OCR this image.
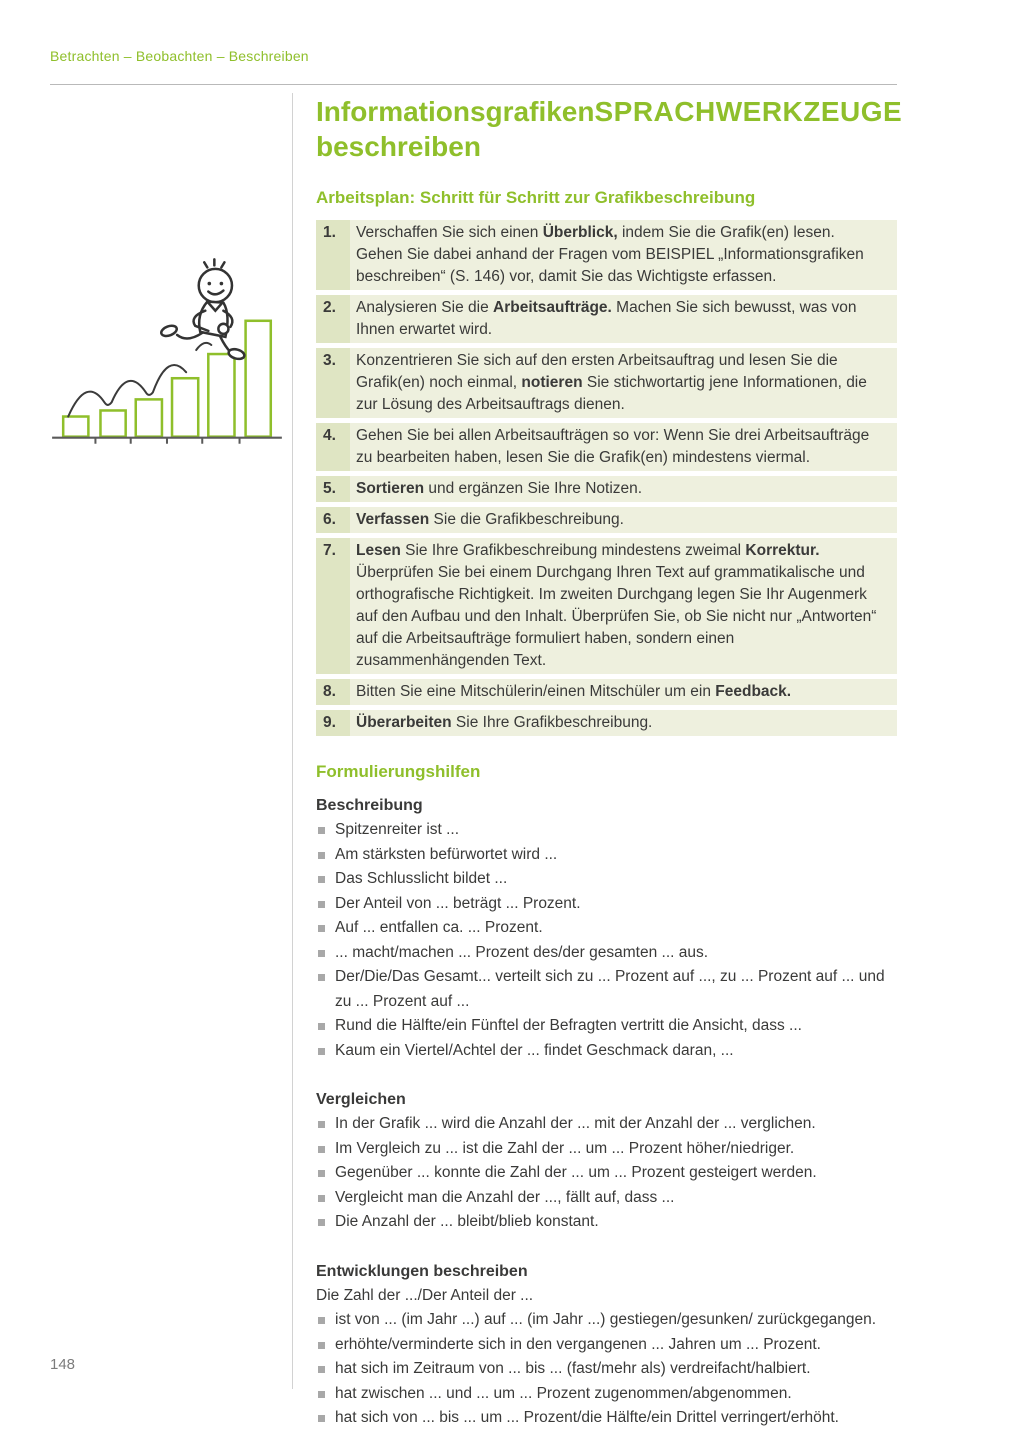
Betrachten – Beobachten – Beschreiben
Informationsgrafiken SPRACHWERKZEUGE
beschreiben
Arbeitsplan: Schritt für Schritt zur Grafikbeschreibung
1.	Verschaffen Sie sich einen Überblick, indem Sie die Grafik(en) lesen. Gehen Sie dabei anhand der Fragen vom BEISPIEL „Informationsgrafiken beschreiben“ (S. 146) vor, damit Sie das Wichtigste erfassen.
2.	Analysieren Sie die Arbeitsaufträge. Machen Sie sich bewusst, was von Ihnen erwartet wird.
3.	Konzentrieren Sie sich auf den ersten Arbeitsauftrag und lesen Sie die Grafik(en) noch einmal, notieren Sie stichwortartig jene Informationen, die zur Lösung des Arbeitsauftrags dienen.
4.	Gehen Sie bei allen Arbeitsaufträgen so vor: Wenn Sie drei Arbeitsaufträge zu bearbeiten haben, lesen Sie die Grafik(en) mindestens viermal.
5.	Sortieren und ergänzen Sie Ihre Notizen.
6.	Verfassen Sie die Grafikbeschreibung.
7.	Lesen Sie Ihre Grafikbeschreibung mindestens zweimal Korrektur. Überprüfen Sie bei einem Durchgang Ihren Text auf grammatikalische und orthografische Richtigkeit. Im zweiten Durchgang legen Sie Ihr Augenmerk auf den Aufbau und den Inhalt. Überprüfen Sie, ob Sie nicht nur „Antworten“ auf die Arbeitsaufträge formuliert haben, sondern einen zusammenhängenden Text.
8.	Bitten Sie eine Mitschülerin/einen Mitschüler um ein Feedback.
9.	Überarbeiten Sie Ihre Grafikbeschreibung.
Formulierungshilfen
Beschreibung
Spitzenreiter ist ...
Am stärksten befürwortet wird ...
Das Schlusslicht bildet ...
Der Anteil von ... beträgt ... Prozent.
Auf ... entfallen ca. ... Prozent.
... macht/machen ... Prozent des/der gesamten ... aus.
Der/Die/Das Gesamt... verteilt sich zu ... Prozent auf ..., zu ... Prozent auf ... und zu ... Prozent auf ...
Rund die Hälfte/ein Fünftel der Befragten vertritt die Ansicht, dass ...
Kaum ein Viertel/Achtel der ... findet Geschmack daran, ...
Vergleichen
In der Grafik ... wird die Anzahl der ... mit der Anzahl der ... verglichen.
Im Vergleich zu ... ist die Zahl der ... um ... Prozent höher/niedriger.
Gegenüber ... konnte die Zahl der ... um ... Prozent gesteigert werden.
Vergleicht man die Anzahl der ..., fällt auf, dass ...
Die Anzahl der ... bleibt/blieb konstant.
Entwicklungen beschreiben
Die Zahl der .../Der Anteil der ...
ist von ... (im Jahr ...) auf ... (im Jahr ...) gestiegen/gesunken/ zurückgegangen.
erhöhte/verminderte sich in den vergangenen ... Jahren um ... Prozent.
hat sich im Zeitraum von ... bis ... (fast/mehr als) verdreifacht/halbiert.
hat zwischen ... und ... um ... Prozent zugenommen/abgenommen.
hat sich von ... bis ... um ... Prozent/die Hälfte/ein Drittel verringert/erhöht.
148
